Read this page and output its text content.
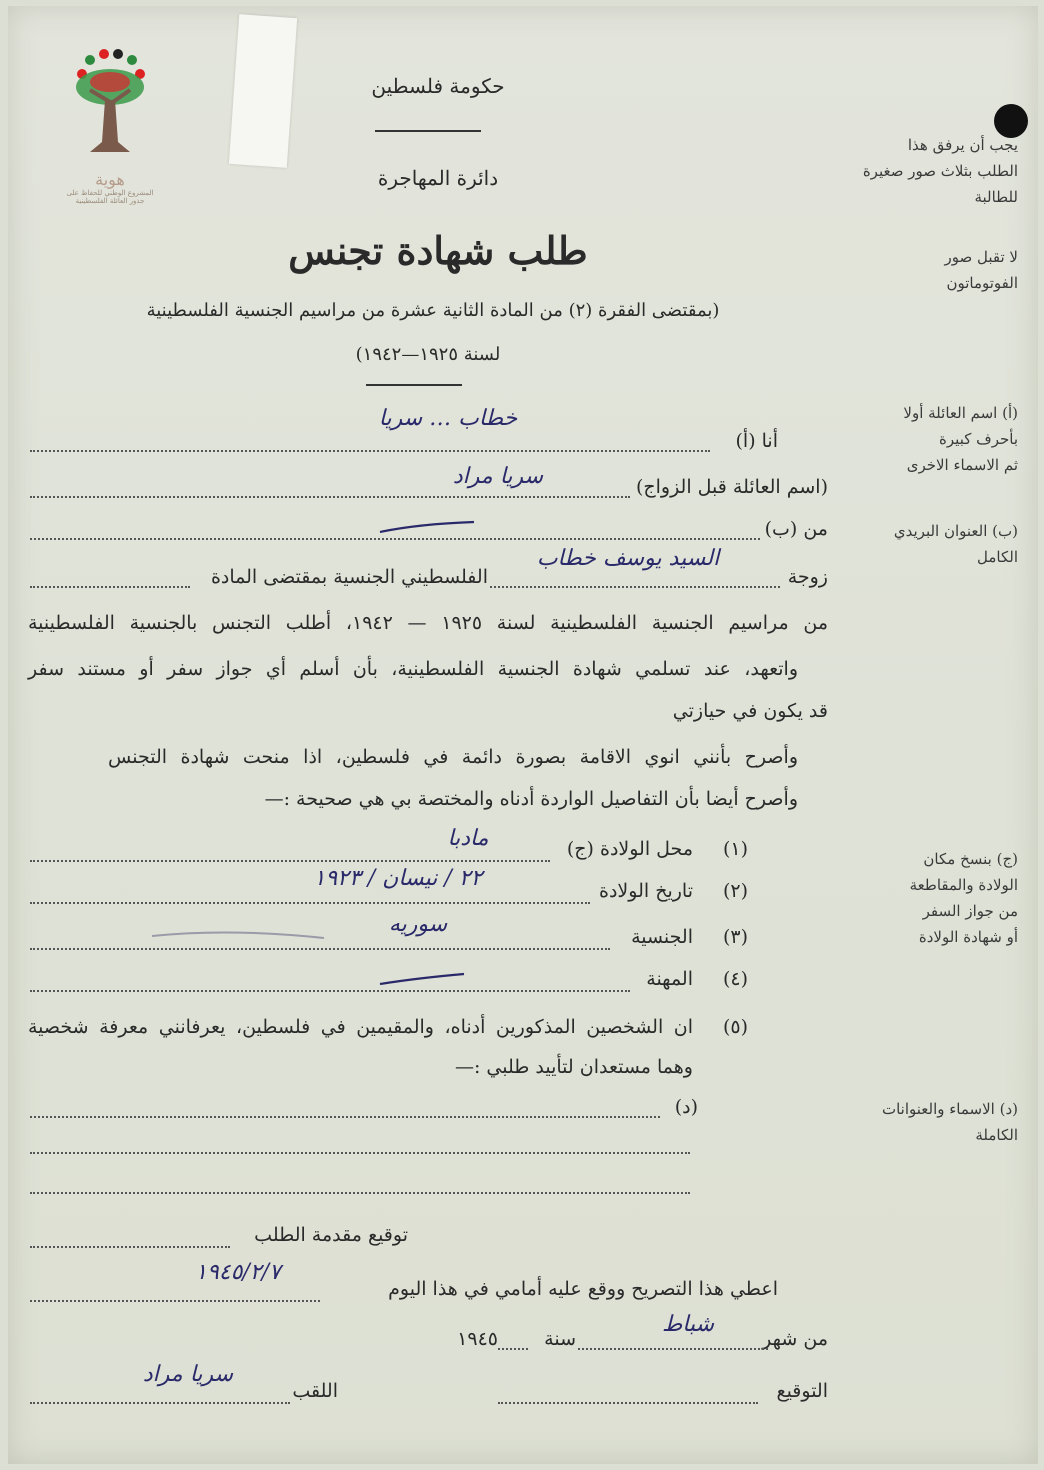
هوية
المشروع الوطني للحفاظ على
جذور العائلة الفلسطينية
حكومة فلسطين
دائرة المهاجرة
طلب شهادة تجنس
(بمقتضى الفقرة (٢) من المادة الثانية عشرة من مراسيم الجنسية الفلسطينية
لسنة ١٩٢٥—١٩٤٢)
يجب أن يرفق هذا
الطلب بثلاث صور صغيرة
للطالبة
لا تقبل صور
الفوتوماتون
(أ) اسم العائلة أولا
بأحرف كبيرة
ثم الاسماء الاخرى
(ب) العنوان البريدي
الكامل
(ج) بنسخ مكان
الولادة والمقاطعة
من جواز السفر
أو شهادة الولادة
(د) الاسماء والعنوانات
الكاملة
أنا (أ)
خطاب … سريا
(اسم العائلة قبل الزواج)
سريا مراد
من (ب)
زوجة
السيد يوسف خطاب
الفلسطيني الجنسية بمقتضى المادة
من مراسيم الجنسية الفلسطينية لسنة ١٩٢٥ — ١٩٤٢، أطلب التجنس بالجنسية الفلسطينية
واتعهد، عند تسلمي شهادة الجنسية الفلسطينية، بأن أسلم أي جواز سفر أو مستند سفر
قد يكون في حيازتي
وأصرح بأنني انوي الاقامة بصورة دائمة في فلسطين، اذا منحت شهادة التجنس
وأصرح أيضا بأن التفاصيل الواردة أدناه والمختصة بي هي صحيحة :—
(١)
محل الولادة (ج)
مادبا
(٢)
تاريخ الولادة
٢٢ / نيسان / ١٩٢٣
(٣)
الجنسية
سوريه
(٤)
المهنة
(٥)
ان الشخصين المذكورين أدناه، والمقيمين في فلسطين، يعرفانني معرفة شخصية
وهما مستعدان لتأييد طلبي :—
(د)
توقيع مقدمة الطلب
اعطي هذا التصريح ووقع عليه أمامي في هذا اليوم
١٩٤٥/٢/٧
من شهر
شباط
سنة
١٩٤٥
التوقيع
اللقب
سريا مراد
